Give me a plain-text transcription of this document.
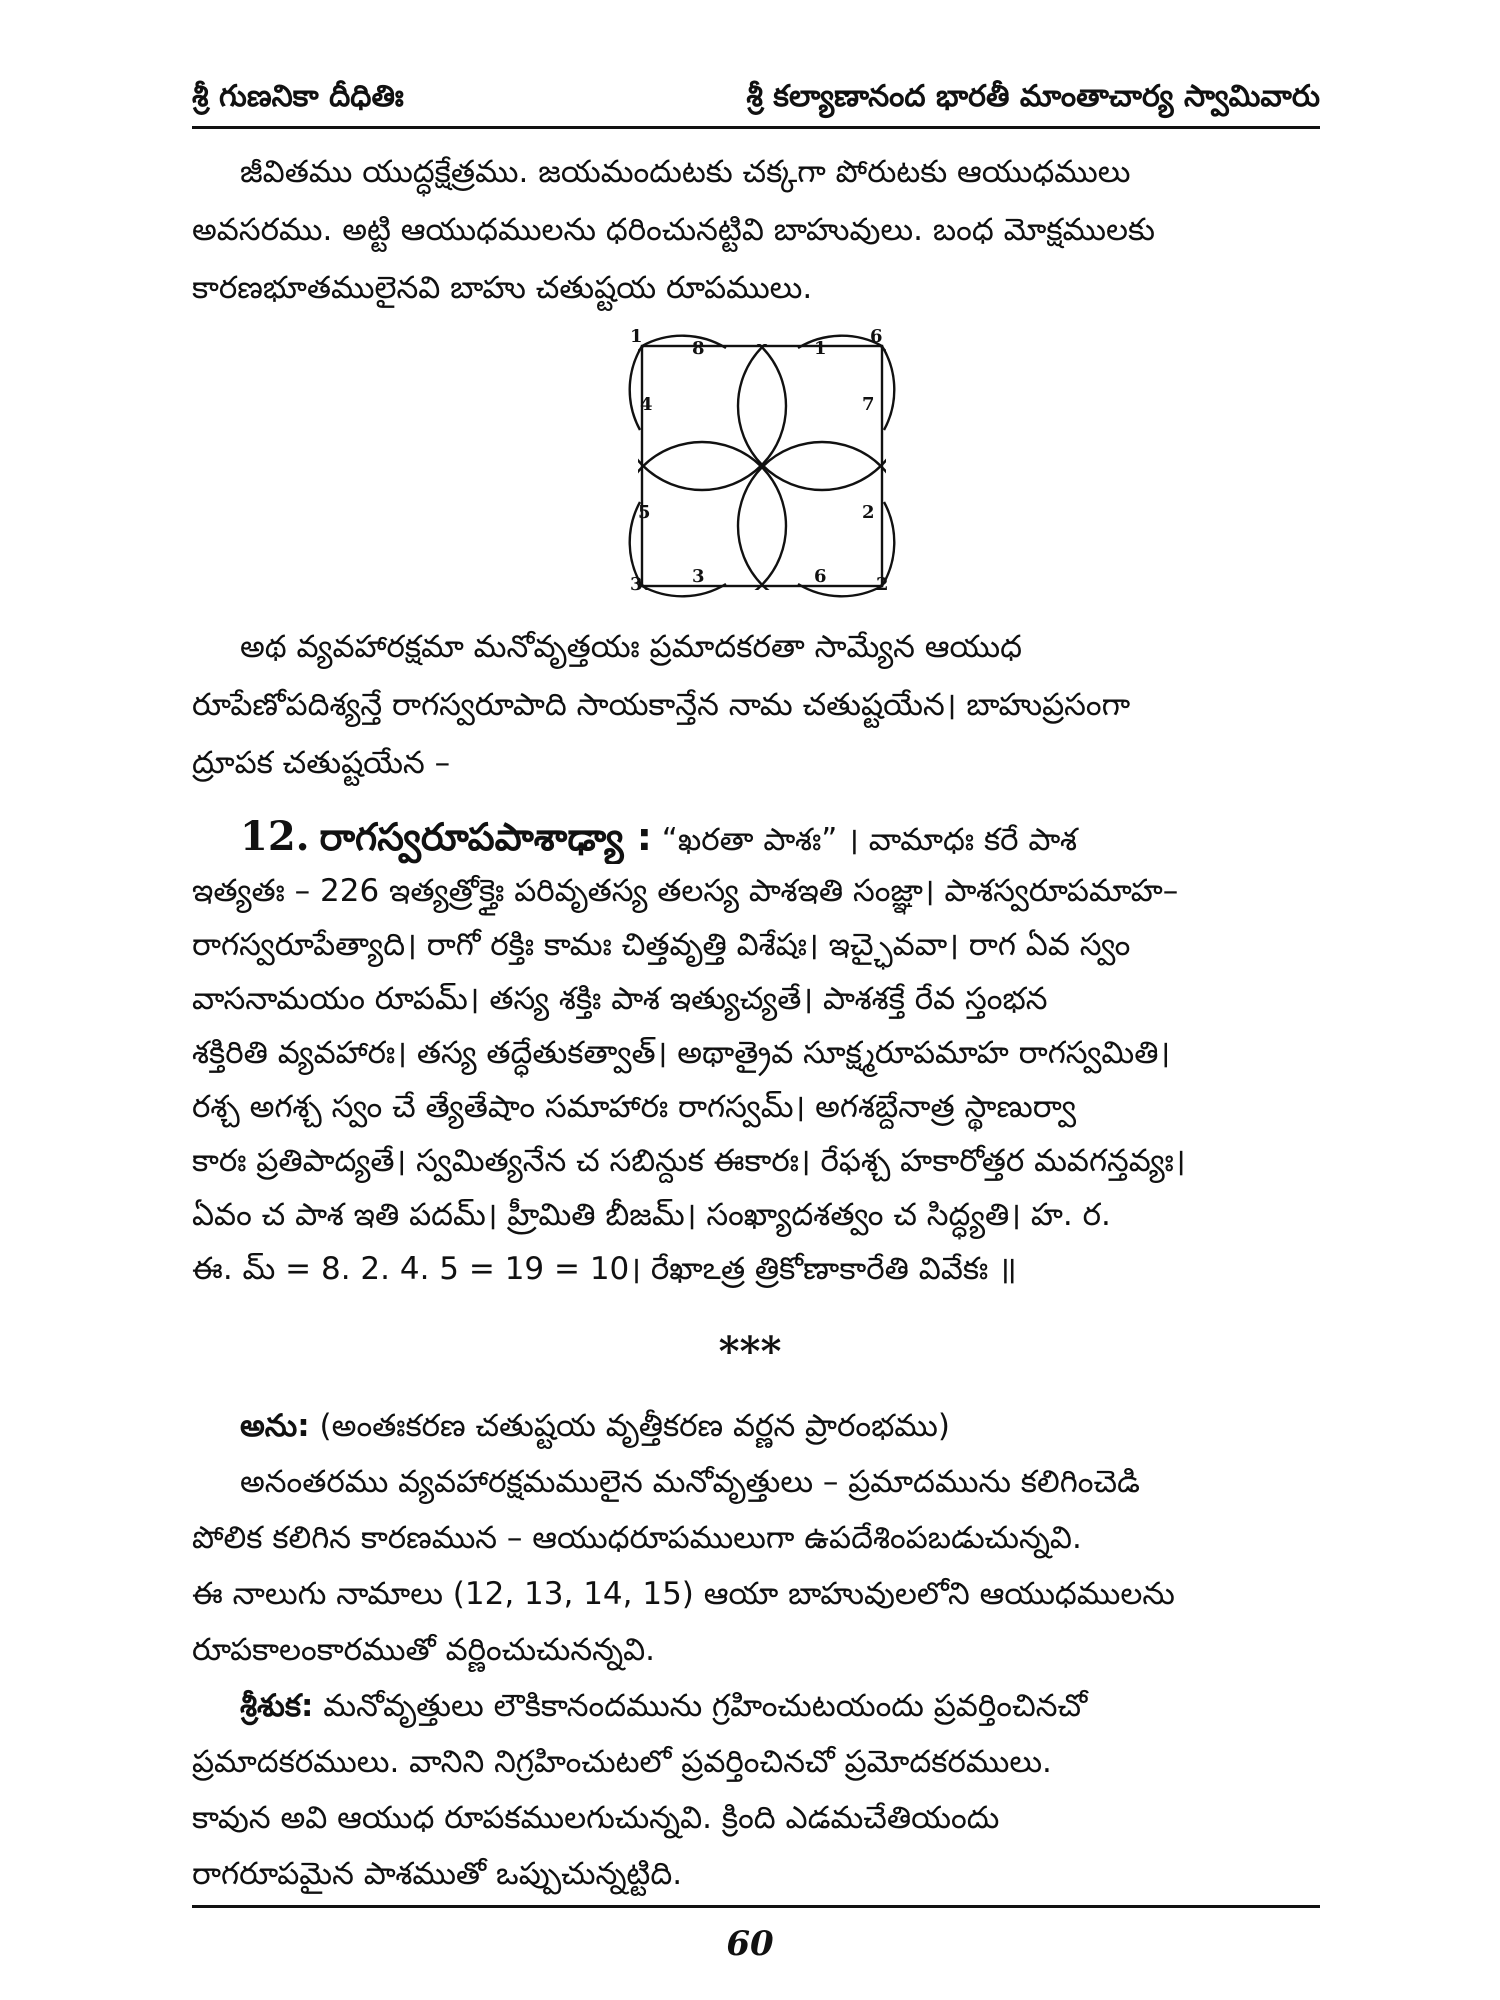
శ్రీ గుణనికా దీధితిః	శ్రీ కల్యాణానంద భారతీ మాంతాచార్య స్వామివారు
జీవితము యుద్ధక్షేత్రము. జయమందుటకు చక్కగా పోరుటకు ఆయుధములు
అవసరము. అట్టి ఆయుధములను ధరించునట్టివి బాహువులు. బంధ మోక్షములకు
కారణభూతములైనవి బాహు చతుష్టయ రూపములు.
1
8	1
6
4	7
5	2
3	3	6	2
అథ వ్యవహారక్షమా మనోవృత్తయః ప్రమాదకరతా సామ్యేన ఆయుధ
రూపేణోపదిశ్యన్తే రాగస్వరూపాది సాయకాన్తేన నామ చతుష్టయేన। బాహుప్రసంగా
ద్రూపక చతుష్టయేన –
12. రాగస్వరూపపాశాఢ్యా : “ఖరతా పాశః” । వామాధః కరే పాశ
ఇత్యతః – 226 ఇత్యత్రోక్తైః పరివృతస్య తలస్య పాశఇతి సంజ్ఞా। పాశస్వరూపమాహ–
రాగస్వరూపేత్యాది। రాగో రక్తిః కామః చిత్తవృత్తి విశేషః। ఇచ్ఛైవవా। రాగ ఏవ స్వం
వాసనామయం రూపమ్। తస్య శక్తిః పాశ ఇత్యుచ్యతే। పాశశక్తే రేవ స్తంభన
శక్తిరితి వ్యవహారః। తస్య తద్ధేతుకత్వాత్। అథాత్రైవ సూక్ష్మరూపమాహ రాగస్వమితి।
రశ్చ అగశ్చ స్వం చే త్యేతేషాం సమాహారః రాగస్వమ్। అగశబ్దేనాత్ర స్థాణుర్వా
కారః ప్రతిపాద్యతే। స్వమిత్యనేన చ సబిన్దుక ఈకారః। రేఫశ్చ హకారోత్తర మవగన్తవ్యః।
ఏవం చ పాశ ఇతి పదమ్। హ్రీమితి బీజమ్। సంఖ్యాదశత్వం చ సిద్ధ్యతి। హ. ర.
ఈ. మ్ = 8. 2. 4. 5 = 19 = 10। రేఖాఽత్ర త్రికోణాకారేతి వివేకః ॥
***
అను: (అంతఃకరణ చతుష్టయ వృత్తీకరణ వర్ణన ప్రారంభము)
అనంతరము వ్యవహారక్షమములైన మనోవృత్తులు – ప్రమాదమును కలిగించెడి
పోలిక కలిగిన కారణమున – ఆయుధరూపములుగా ఉపదేశింపబడుచున్నవి.
ఈ నాలుగు నామాలు (12, 13, 14, 15) ఆయా బాహువులలోని ఆయుధములను
రూపకాలంకారముతో వర్ణించుచునన్నవి.
శ్రీశుక: మనోవృత్తులు లౌకికానందమును గ్రహించుటయందు ప్రవర్తించినచో
ప్రమాదకరములు. వానిని నిగ్రహించుటలో ప్రవర్తించినచో ప్రమోదకరములు.
కావున అవి ఆయుధ రూపకములగుచున్నవి. క్రింది ఎడమచేతియందు
రాగరూపమైన పాశముతో ఒప్పుచున్నట్టిది.
60
